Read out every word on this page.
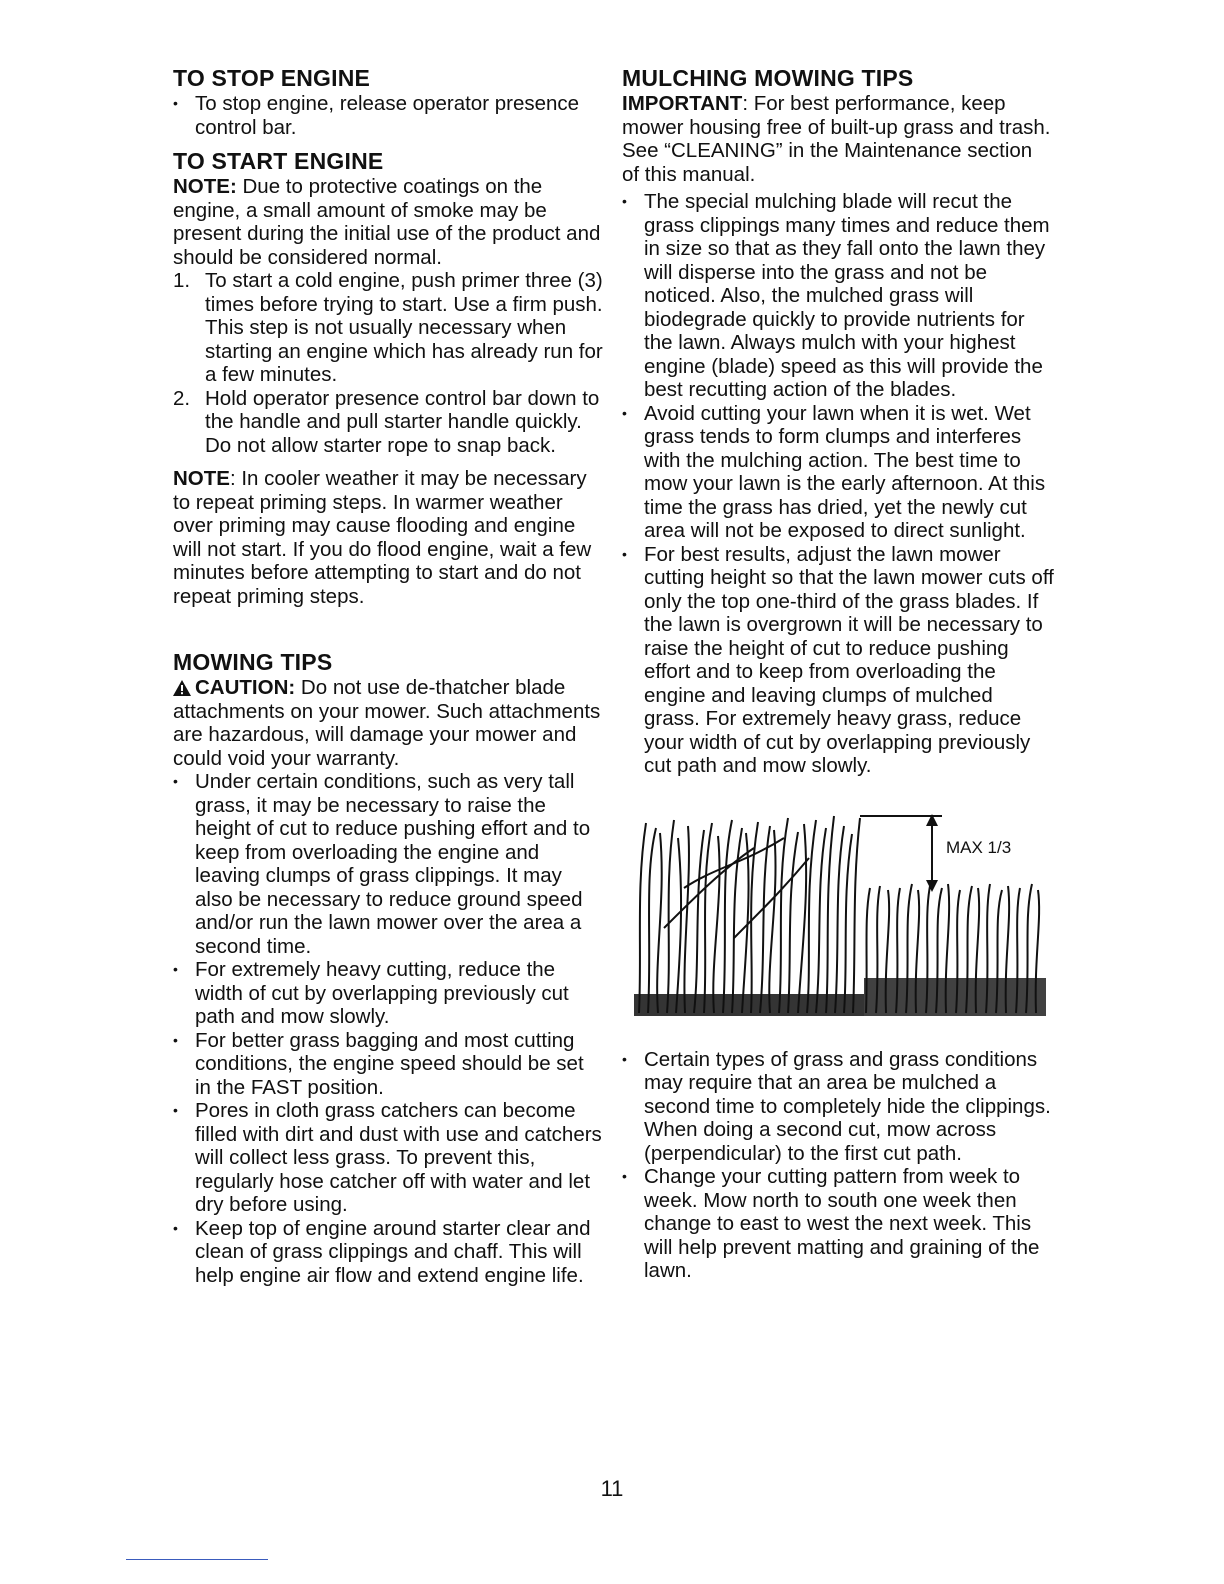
TO STOP ENGINE
• To stop engine, release operator presence control bar.
TO START ENGINE

NOTE: Due to protective coatings on the engine, a small amount of smoke may be present during the initial use of the product and should be considered normal.

1. To start a cold engine, push primer three (3) times before trying to start. Use a firm push. This step is not usually necessary when starting an engine which has already run for a few minutes.
2. Hold operator presence control bar down to the handle and pull starter handle quickly. Do not allow starter rope to snap back.

NOTE: In cooler weather it may be necessary to repeat priming steps. In warmer weather over priming may cause flooding and engine will not start. If you do flood engine, wait a few minutes before attempting to start and do not repeat priming steps.

MOWING TIPS

CAUTION: Do not use de-thatcher blade attachments on your mower. Such attachments are hazardous, will damage your mower and could void your warranty.

• Under certain conditions, such as very tall grass, it may be necessary to raise the height of cut to reduce pushing effort and to keep from overloading the engine and leaving clumps of grass clippings. It may also be necessary to reduce ground speed and/or run the lawn mower over the area a second time.
• For extremely heavy cutting, reduce the width of cut by overlapping previously cut path and mow slowly.
• For better grass bagging and most cutting conditions, the engine speed should be set in the FAST position.
• Pores in cloth grass catchers can become filled with dirt and dust with use and catchers will collect less grass. To prevent this, regularly hose catcher off with water and let dry before using.
• Keep top of engine around starter clear and clean of grass clippings and chaff. This will help engine air flow and extend engine life.
MULCHING MOWING TIPS

IMPORTANT: For best performance, keep mower housing free of built-up grass and trash. See “CLEANING” in the Maintenance section of this manual.

• The special mulching blade will recut the grass clippings many times and reduce them in size so that as they fall onto the lawn they will disperse into the grass and not be noticed. Also, the mulched grass will biodegrade quickly to provide nutrients for the lawn. Always mulch with your highest engine (blade) speed as this will provide the best recutting action of the blades.
• Avoid cutting your lawn when it is wet. Wet grass tends to form clumps and interferes with the mulching action. The best time to mow your lawn is the early afternoon. At this time the grass has dried, yet the newly cut area will not be exposed to direct sunlight.
• For best results, adjust the lawn mower cutting height so that the lawn mower cuts off only the top one-third of the grass blades. If the lawn is overgrown it will be necessary to raise the height of cut to reduce pushing effort and to keep from overloading the engine and leaving clumps of mulched grass. For extremely heavy grass, reduce your width of cut by overlapping previously cut path and mow slowly.
MAX 1/3
• Certain types of grass and grass conditions may require that an area be mulched a second time to completely hide the clippings. When doing a second cut, mow across (perpendicular) to the first cut path.
• Change your cutting pattern from week to week. Mow north to south one week then change to east to west the next week. This will help prevent matting and graining of the lawn.
11
